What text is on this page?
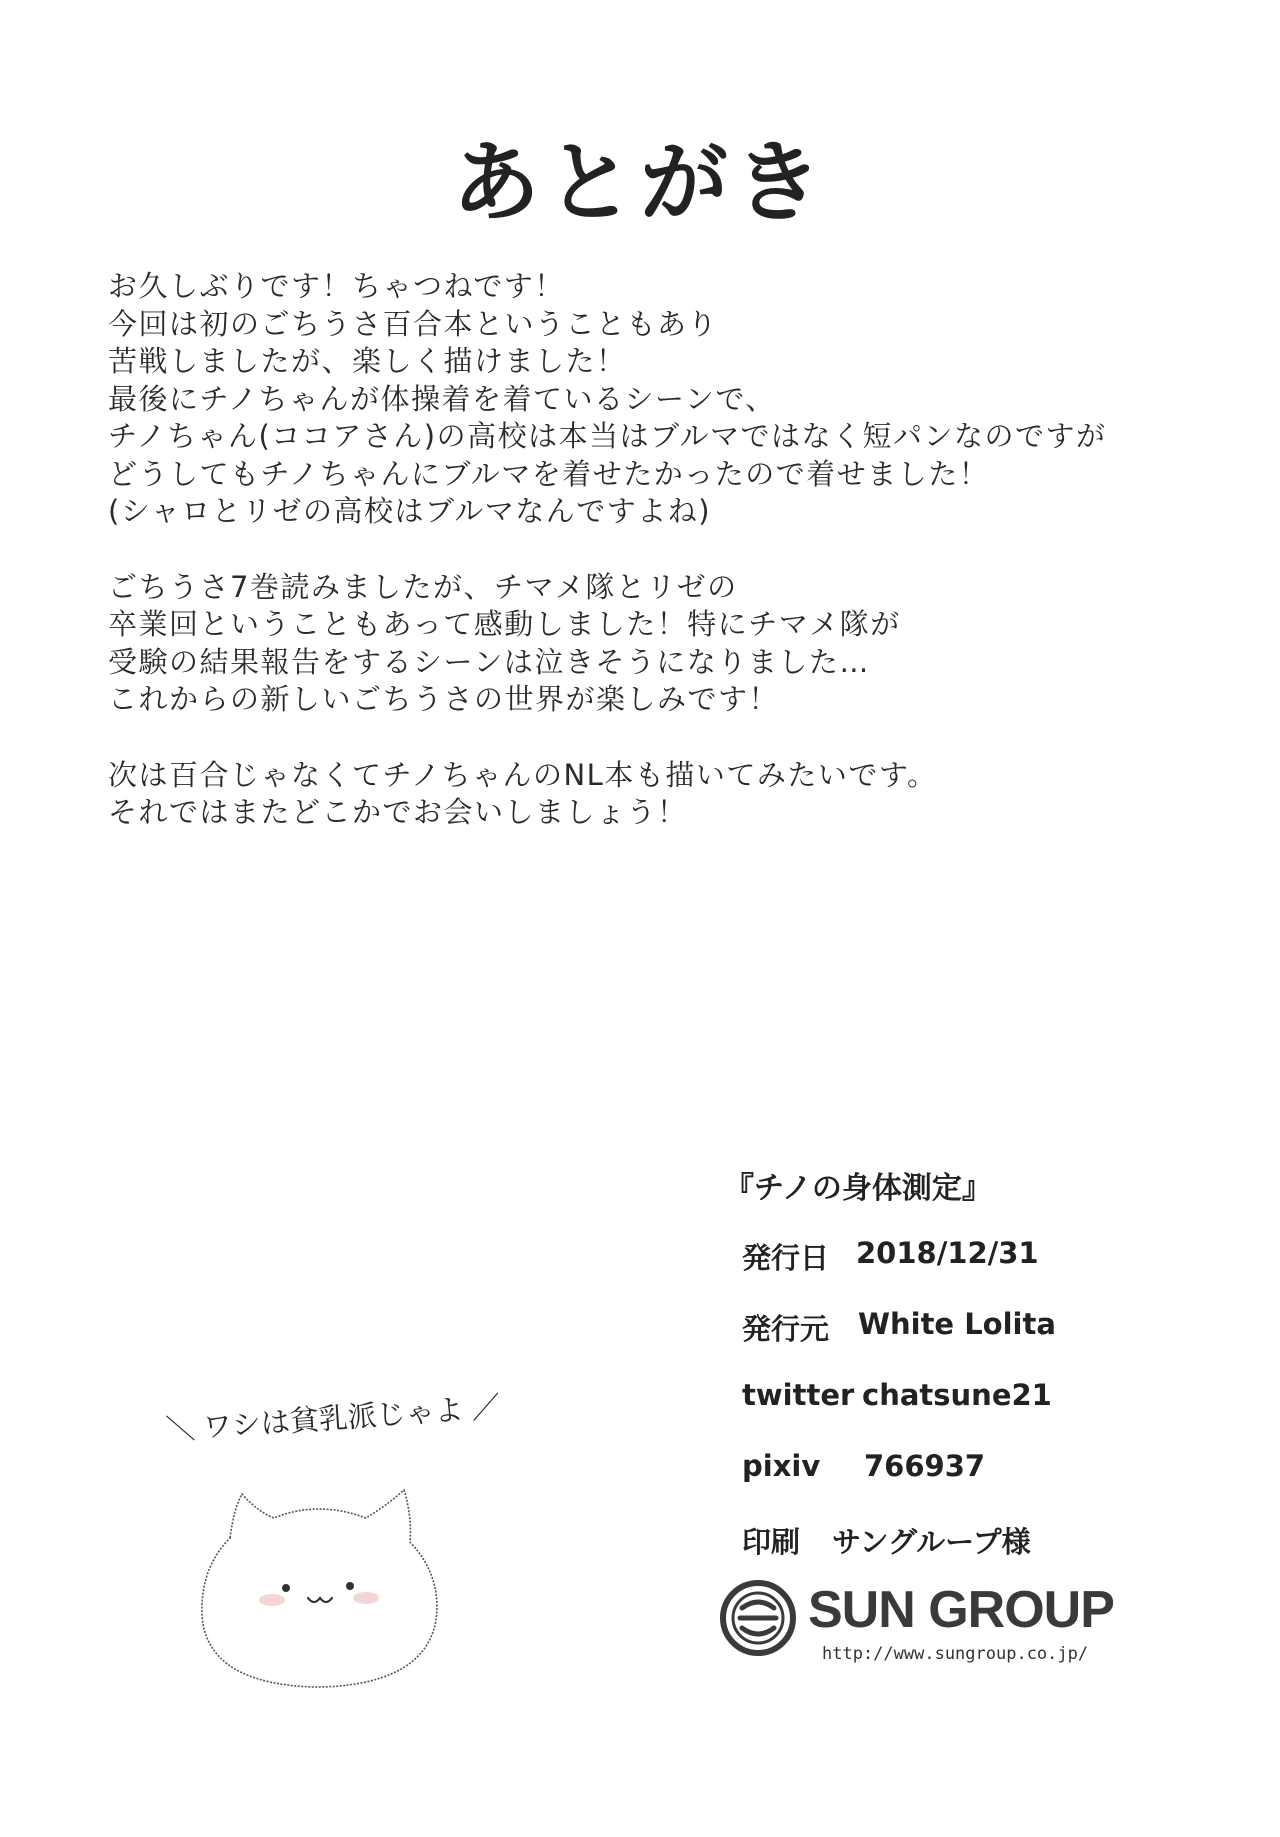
あとがき
お久しぶりです！ちゃつねです！
今回は初のごちうさ百合本ということもあり
苦戦しましたが、楽しく描けました！
最後にチノちゃんが体操着を着ているシーンで、
チノちゃん(ココアさん)の高校は本当はブルマではなく短パンなのですが
どうしてもチノちゃんにブルマを着せたかったので着せました！
(シャロとリゼの高校はブルマなんですよね)
ごちうさ7巻読みましたが、チマメ隊とリゼの
卒業回ということもあって感動しました！特にチマメ隊が
受験の結果報告をするシーンは泣きそうになりました…
これからの新しいごちうさの世界が楽しみです！
次は百合じゃなくてチノちゃんのNL本も描いてみたいです。
それではまたどこかでお会いしましょう！
『チノの身体測定』
発行日 2018/12/31
発行元 White Lolita
twitter chatsune21
pixiv 766937
印刷 サングループ様
SUN GROUP
http://www.sungroup.co.jp/
＼ ワシは貧乳派じゃよ ／
